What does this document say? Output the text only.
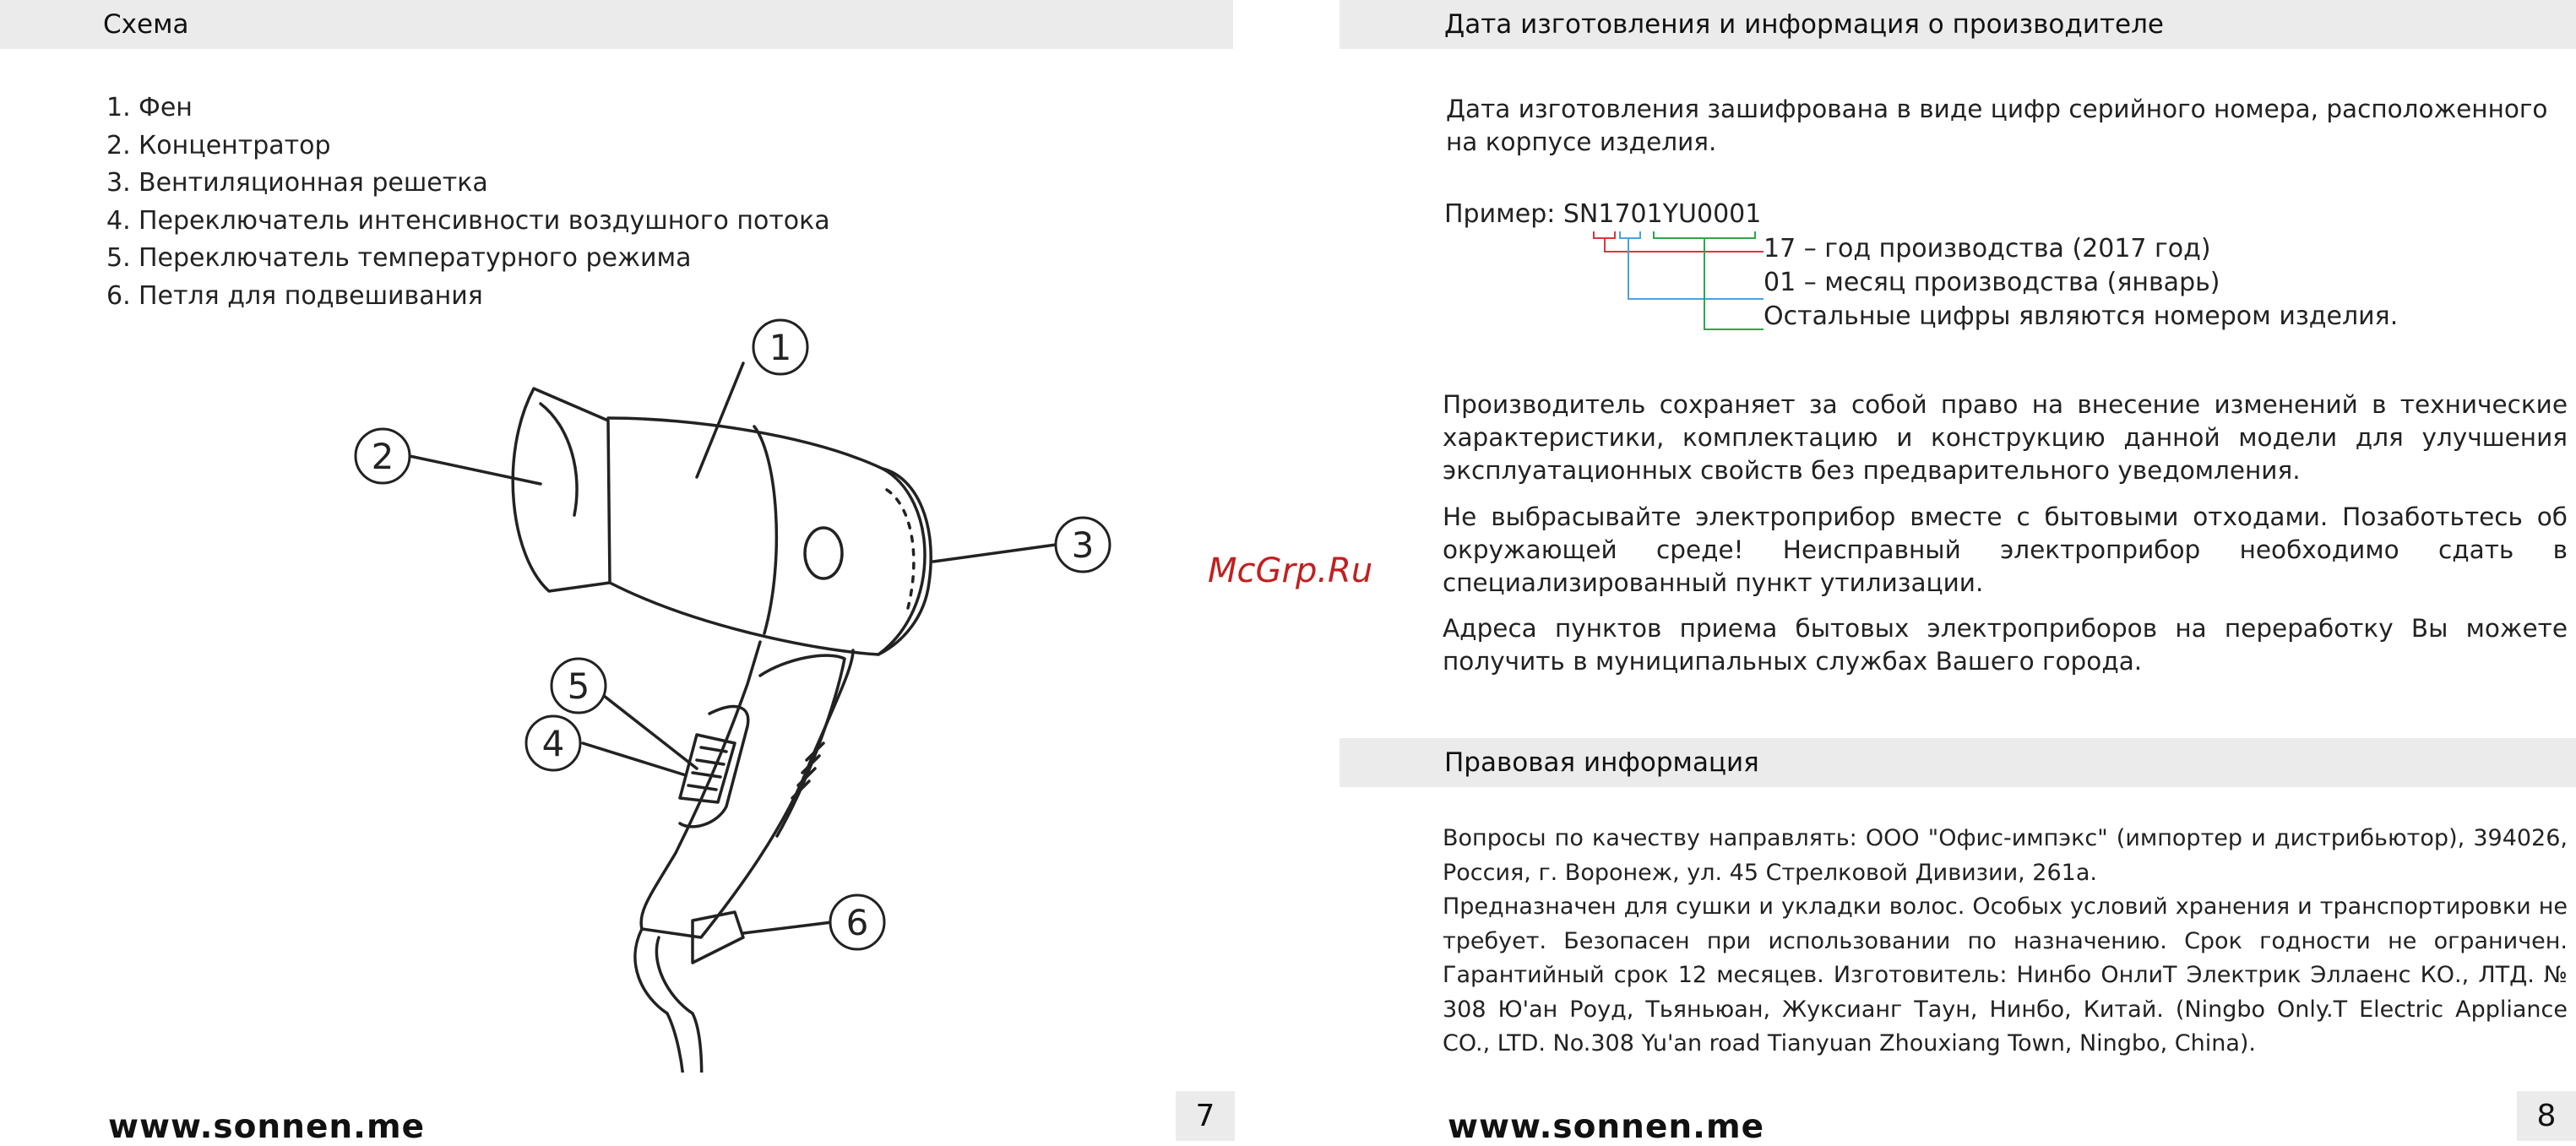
Схема
1. Фен
2. Концентратор
3. Вентиляционная решетка
4. Переключатель интенсивности воздушного потока
5. Переключатель температурного режима
6. Петля для подвешивания
1
2
3
4
5
6
www.sonnen.me	7
McGrp.Ru
Дата изготовления и информация о производителе

Дата изготовления зашифрована в виде цифр серийного номера, расположенного на корпусе изделия.

Пример: SN1701YU0001
17 – год производства (2017 год)
01 – месяц производства (январь)
Остальные цифры являются номером изделия.

Производитель сохраняет за собой право на внесение изменений в технические характеристики, комплектацию и конструкцию данной модели для улучшения эксплуатационных свойств без предварительного уведомления.

Не выбрасывайте электроприбор вместе с бытовыми отходами. Позаботьтесь об окружающей среде! Неисправный электроприбор необходимо сдать в специализированный пункт утилизации.

Адреса пунктов приема бытовых электроприборов на переработку Вы можете получить в муниципальных службах Вашего города.

Правовая информация

Вопросы по качеству направлять: ООО "Офис-импэкс" (импортер и дистрибьютор), 394026, Россия, г. Воронеж, ул. 45 Стрелковой Дивизии, 261а.

Предназначен для сушки и укладки волос. Особых условий хранения и транспортировки не требует. Безопасен при использовании по назначению. Срок годности не ограничен. Гарантийный срок 12 месяцев. Изготовитель: Нинбо ОнлиТ Электрик Эллаенс КО., ЛТД. № 308 Ю'ан Роуд, Тьяньюан, Жуксианг Таун, Нинбо, Китай. (Ningbo Only.T Electric Appliance CO., LTD. No.308 Yu'an road Tianyuan Zhouxiang Town, Ningbo, China).

www.sonnen.me	8
